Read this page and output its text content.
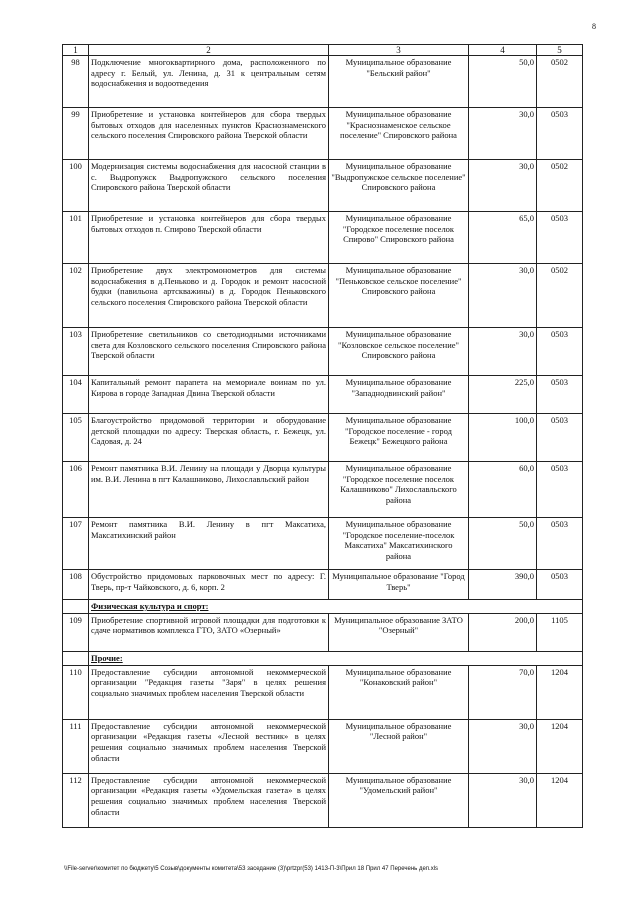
8
1	2	3	4	5
98	Подключение многоквартирного дома, расположенного по адресу г. Белый, ул. Ленина, д. 31 к центральным сетям водоснабжения и водоотведения	Муниципальное образование "Бельский район"	50,0	0502
99	Приобретение и установка контейнеров для сбора твердых бытовых отходов для населенных пунктов Краснознаменского сельского поселения Спировского района Тверской области	Муниципальное образование "Краснознаменское сельское поселение" Спировского района	30,0	0503
100	Модернизация системы водоснабжения для насосной станции в с. Выдропужск Выдропужского сельского поселения Спировского района Тверской области	Муниципальное образование "Выдропужское сельское поселение" Спировского района	30,0	0502
101	Приобретение и установка контейнеров для сбора твердых бытовых отходов п. Спирово Тверской области	Муниципальное образование "Городское поселение поселок Спирово" Спировского района	65,0	0503
102	Приобретение двух электромонометров для системы водоснабжения в д.Пеньково и д. Городок и ремонт насосной будки (павильона артскважины) в д. Городок Пеньковского сельского поселения Спировского района Тверской области	Муниципальное образование "Пеньковское сельское поселение" Спировского района	30,0	0502
103	Приобретение светильников со светодиодными источниками света для Козловского сельского поселения Спировского района Тверской области	Муниципальное образование "Козловское сельское поселение" Спировского района	30,0	0503
104	Капитальный ремонт парапета на мемориале воинам по ул. Кирова в городе Западная Двина Тверской области	Муниципальное образование "Западнодвинский район"	225,0	0503
105	Благоустройство придомовой территории и оборудование детской площадки по адресу: Тверская область, г. Бежецк, ул. Садовая, д. 24	Муниципальное образование "Городское поселение - город Бежецк" Бежецкого района	100,0	0503
106	Ремонт памятника В.И. Ленину на площади у Дворца культуры им. В.И. Ленина в пгт Калашниково, Лихославльский район	Муниципальное образование "Городское поселение поселок Калашниково" Лихославльского района	60,0	0503
107	Ремонт памятника В.И. Ленину в пгт Максатиха, Максатихинский район	Муниципальное образование "Городское поселение-поселок Максатиха" Максатихинского района	50,0	0503
108	Обустройство придомовых парковочных мест по адресу: Г. Тверь, пр-т Чайковского, д. 6, корп. 2	Муниципальное образование "Город Тверь"	390,0	0503
	Физическая культура и спорт:			
109	Приобретение спортивной игровой площадки для подготовки к сдаче нормативов комплекса ГТО, ЗАТО «Озерный»	Муниципальное образование ЗАТО "Озерный"	200,0	1105
	Прочие:			
110	Предоставление субсидии автономной некоммерческой организации "Редакция газеты "Заря" в целях решения социально значимых проблем населения Тверской области	Муниципальное образование "Конаковский район"	70,0	1204
111	Предоставление субсидии автономной некоммерческой организации «Редакция газеты «Лесной вестник» в целях решения социально значимых проблем населения Тверской области	Муниципальное образование "Лесной район"	30,0	1204
112	Предоставление субсидии автономной некоммерческой организации «Редакция газеты «Удомельская газета» в целях решения социально значимых проблем населения Тверской области	Муниципальное образование "Удомельский район"	30,0	1204
\\File-server\комитет по бюджету\5 Созыв\документы комитета\53 заседание (3)\prtzpr(53) 1413-П-3\Прил 18 Прил 47 Перечень деп.xls
